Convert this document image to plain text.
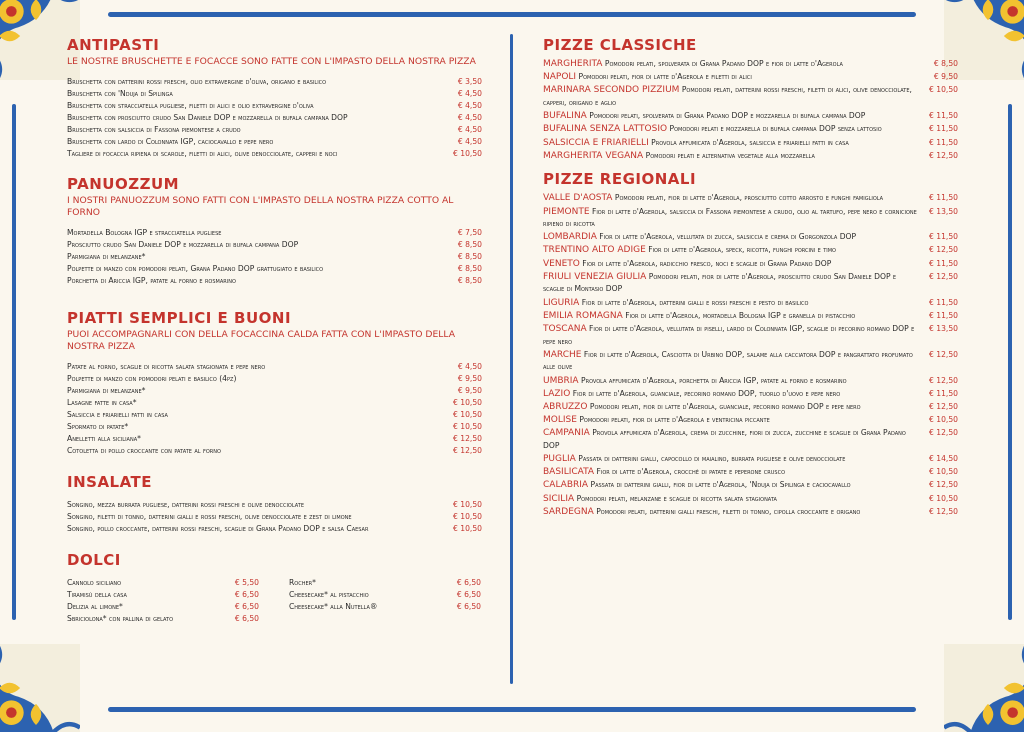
ANTIPASTI
LE NOSTRE BRUSCHETTE E FOCACCE SONO FATTE CON L'IMPASTO DELLA NOSTRA PIZZA
Bruschetta con datterini rossi freschi, olio extravergine d'oliva, origano e basilico	€ 3,50
Bruschetta con 'Nduja di Spilinga	€ 4,50
Bruschetta con stracciatella pugliese, filetti di alici e olio extravergine d'oliva	€ 4,50
Bruschetta con prosciutto crudo San Daniele DOP e mozzarella di bufala campana DOP	€ 4,50
Bruschetta con salsiccia di Fassona piemontese a crudo	€ 4,50
Bruschetta con lardo di Colonnata IGP, caciocavallo e pepe nero	€ 4,50
Tagliere di focaccia ripiena di scarole, filetti di alici, olive denocciolate, capperi e noci	€ 10,50
PANUOZZUM
I NOSTRI PANUOZZUM SONO FATTI CON L'IMPASTO DELLA NOSTRA PIZZA COTTO AL FORNO
Mortadella Bologna IGP e stracciatella pugliese	€ 7,50
Prosciutto crudo San Daniele DOP e mozzarella di bufala campana DOP	€ 8,50
Parmigiana di melanzane*	€ 8,50
Polpette di manzo con pomodori pelati, Grana Padano DOP grattugiato e basilico	€ 8,50
Porchetta di Ariccia IGP, patate al forno e rosmarino	€ 8,50
PIATTI SEMPLICI E BUONI
PUOI ACCOMPAGNARLI CON DELLA FOCACCINA CALDA FATTA CON L'IMPASTO DELLA NOSTRA PIZZA
Patate al forno, scaglie di ricotta salata stagionata e pepe nero	€ 4,50
Polpette di manzo con pomodori pelati e basilico (4pz)	€ 9,50
Parmigiana di melanzane*	€ 9,50
Lasagne fatte in casa*	€ 10,50
Salsiccia e friarielli fatti in casa	€ 10,50
Spormato di patate*	€ 10,50
Anelletti alla siciliana*	€ 12,50
Cotoletta di pollo croccante con patate al forno	€ 12,50
INSALATE
Songino, mezza burrata pugliese, datterini rossi freschi e olive denocciolate	€ 10,50
Songino, filetti di tonno, datterini gialli e rossi freschi, olive denocciolate e zest di limone	€ 10,50
Songino, pollo croccante, datterini rossi freschi, scaglie di Grana Padano DOP e salsa Caesar	€ 10,50
DOLCI
Cannolo siciliano	€ 5,50
Tiramisù della casa	€ 6,50
Delizia al limone*	€ 6,50
Sbriciolona* con pallina di gelato	€ 6,50
Rocher*	€ 6,50
Cheesecake* al pistacchio	€ 6,50
Cheesecake* alla Nutella®	€ 6,50
PIZZE CLASSICHE
MARGHERITA Pomodori pelati, spolverata di Grana Padano DOP e fior di latte d'Agerola	€ 8,50
NAPOLI Pomodori pelati, fior di latte d'Agerola e filetti di alici	€ 9,50
MARINARA SECONDO PIZZIUM Pomodori pelati, datterini rossi freschi, filetti di alici, olive denocciolate, capperi, origano e aglio
€ 10,50
BUFALINA Pomodori pelati, spolverata di Grana Padano DOP e mozzarella di bufala campana DOP	€ 11,50
BUFALINA SENZA LATTOSIO Pomodori pelati e mozzarella di bufala campana DOP senza lattosio	€ 11,50
SALSICCIA E FRIARIELLI Provola affumicata d'Agerola, salsiccia e friarielli fatti in casa	€ 11,50
MARGHERITA VEGANA Pomodori pelati e alternativa vegetale alla mozzarella	€ 12,50
PIZZE REGIONALI
VALLE D'AOSTA Pomodori pelati, fior di latte d'Agerola, prosciutto cotto arrosto e funghi famigliola	€ 11,50
PIEMONTE Fior di latte d'Agerola, salsiccia di Fassona piemontese a crudo, olio al tartufo, pepe nero e cornicione ripieno di ricotta
€ 13,50
LOMBARDIA Fior di latte d'Agerola, vellutata di zucca, salsiccia e crema di Gorgonzola DOP	€ 11,50
TRENTINO ALTO ADIGE Fior di latte d'Agerola, speck, ricotta, funghi porcini e timo	€ 12,50
VENETO Fior di latte d'Agerola, radicchio fresco, noci e scaglie di Grana Padano DOP	€ 11,50
FRIULI VENEZIA GIULIA Pomodori pelati, fior di latte d'Agerola, prosciutto crudo San Daniele DOP e scaglie di Montasio DOP
€ 12,50
LIGURIA Fior di latte d'Agerola, datterini gialli e rossi freschi e pesto di basilico	€ 11,50
EMILIA ROMAGNA Fior di latte d'Agerola, mortadella Bologna IGP e granella di pistacchio	€ 11,50
TOSCANA Fior di latte d'Agerola, vellutata di piselli, lardo di Colonnata IGP, scaglie di pecorino romano DOP e pepe nero
€ 13,50
MARCHE Fior di latte d'Agerola, Casciotta di Urbino DOP, salame alla cacciatora DOP e pangrattato profumato alle olive
€ 12,50
UMBRIA Provola affumicata d'Agerola, porchetta di Ariccia IGP, patate al forno e rosmarino	€ 12,50
LAZIO Fior di latte d'Agerola, guanciale, pecorino romano DOP, tuorlo d'uovo e pepe nero	€ 11,50
ABRUZZO Pomodori pelati, fior di latte d'Agerola, guanciale, pecorino romano DOP e pepe nero	€ 12,50
MOLISE Pomodori pelati, fior di latte d'Agerola e ventricina piccante	€ 10,50
CAMPANIA Provola affumicata d'Agerola, crema di zucchine, fiori di zucca, zucchine e scaglie di Grana Padano DOP
€ 12,50
PUGLIA Passata di datterini gialli, capocollo di maialino, burrata pugliese e olive denocciolate	€ 14,50
BASILICATA Fior di latte d'Agerola, crocchè di patate e peperone crusco	€ 10,50
CALABRIA Passata di datterini gialli, fior di latte d'Agerola, 'Nduja di Spilinga e caciocavallo	€ 12,50
SICILIA Pomodori pelati, melanzane e scaglie di ricotta salata stagionata	€ 10,50
SARDEGNA Pomodori pelati, datterini gialli freschi, filetti di tonno, cipolla croccante e origano	€ 12,50
